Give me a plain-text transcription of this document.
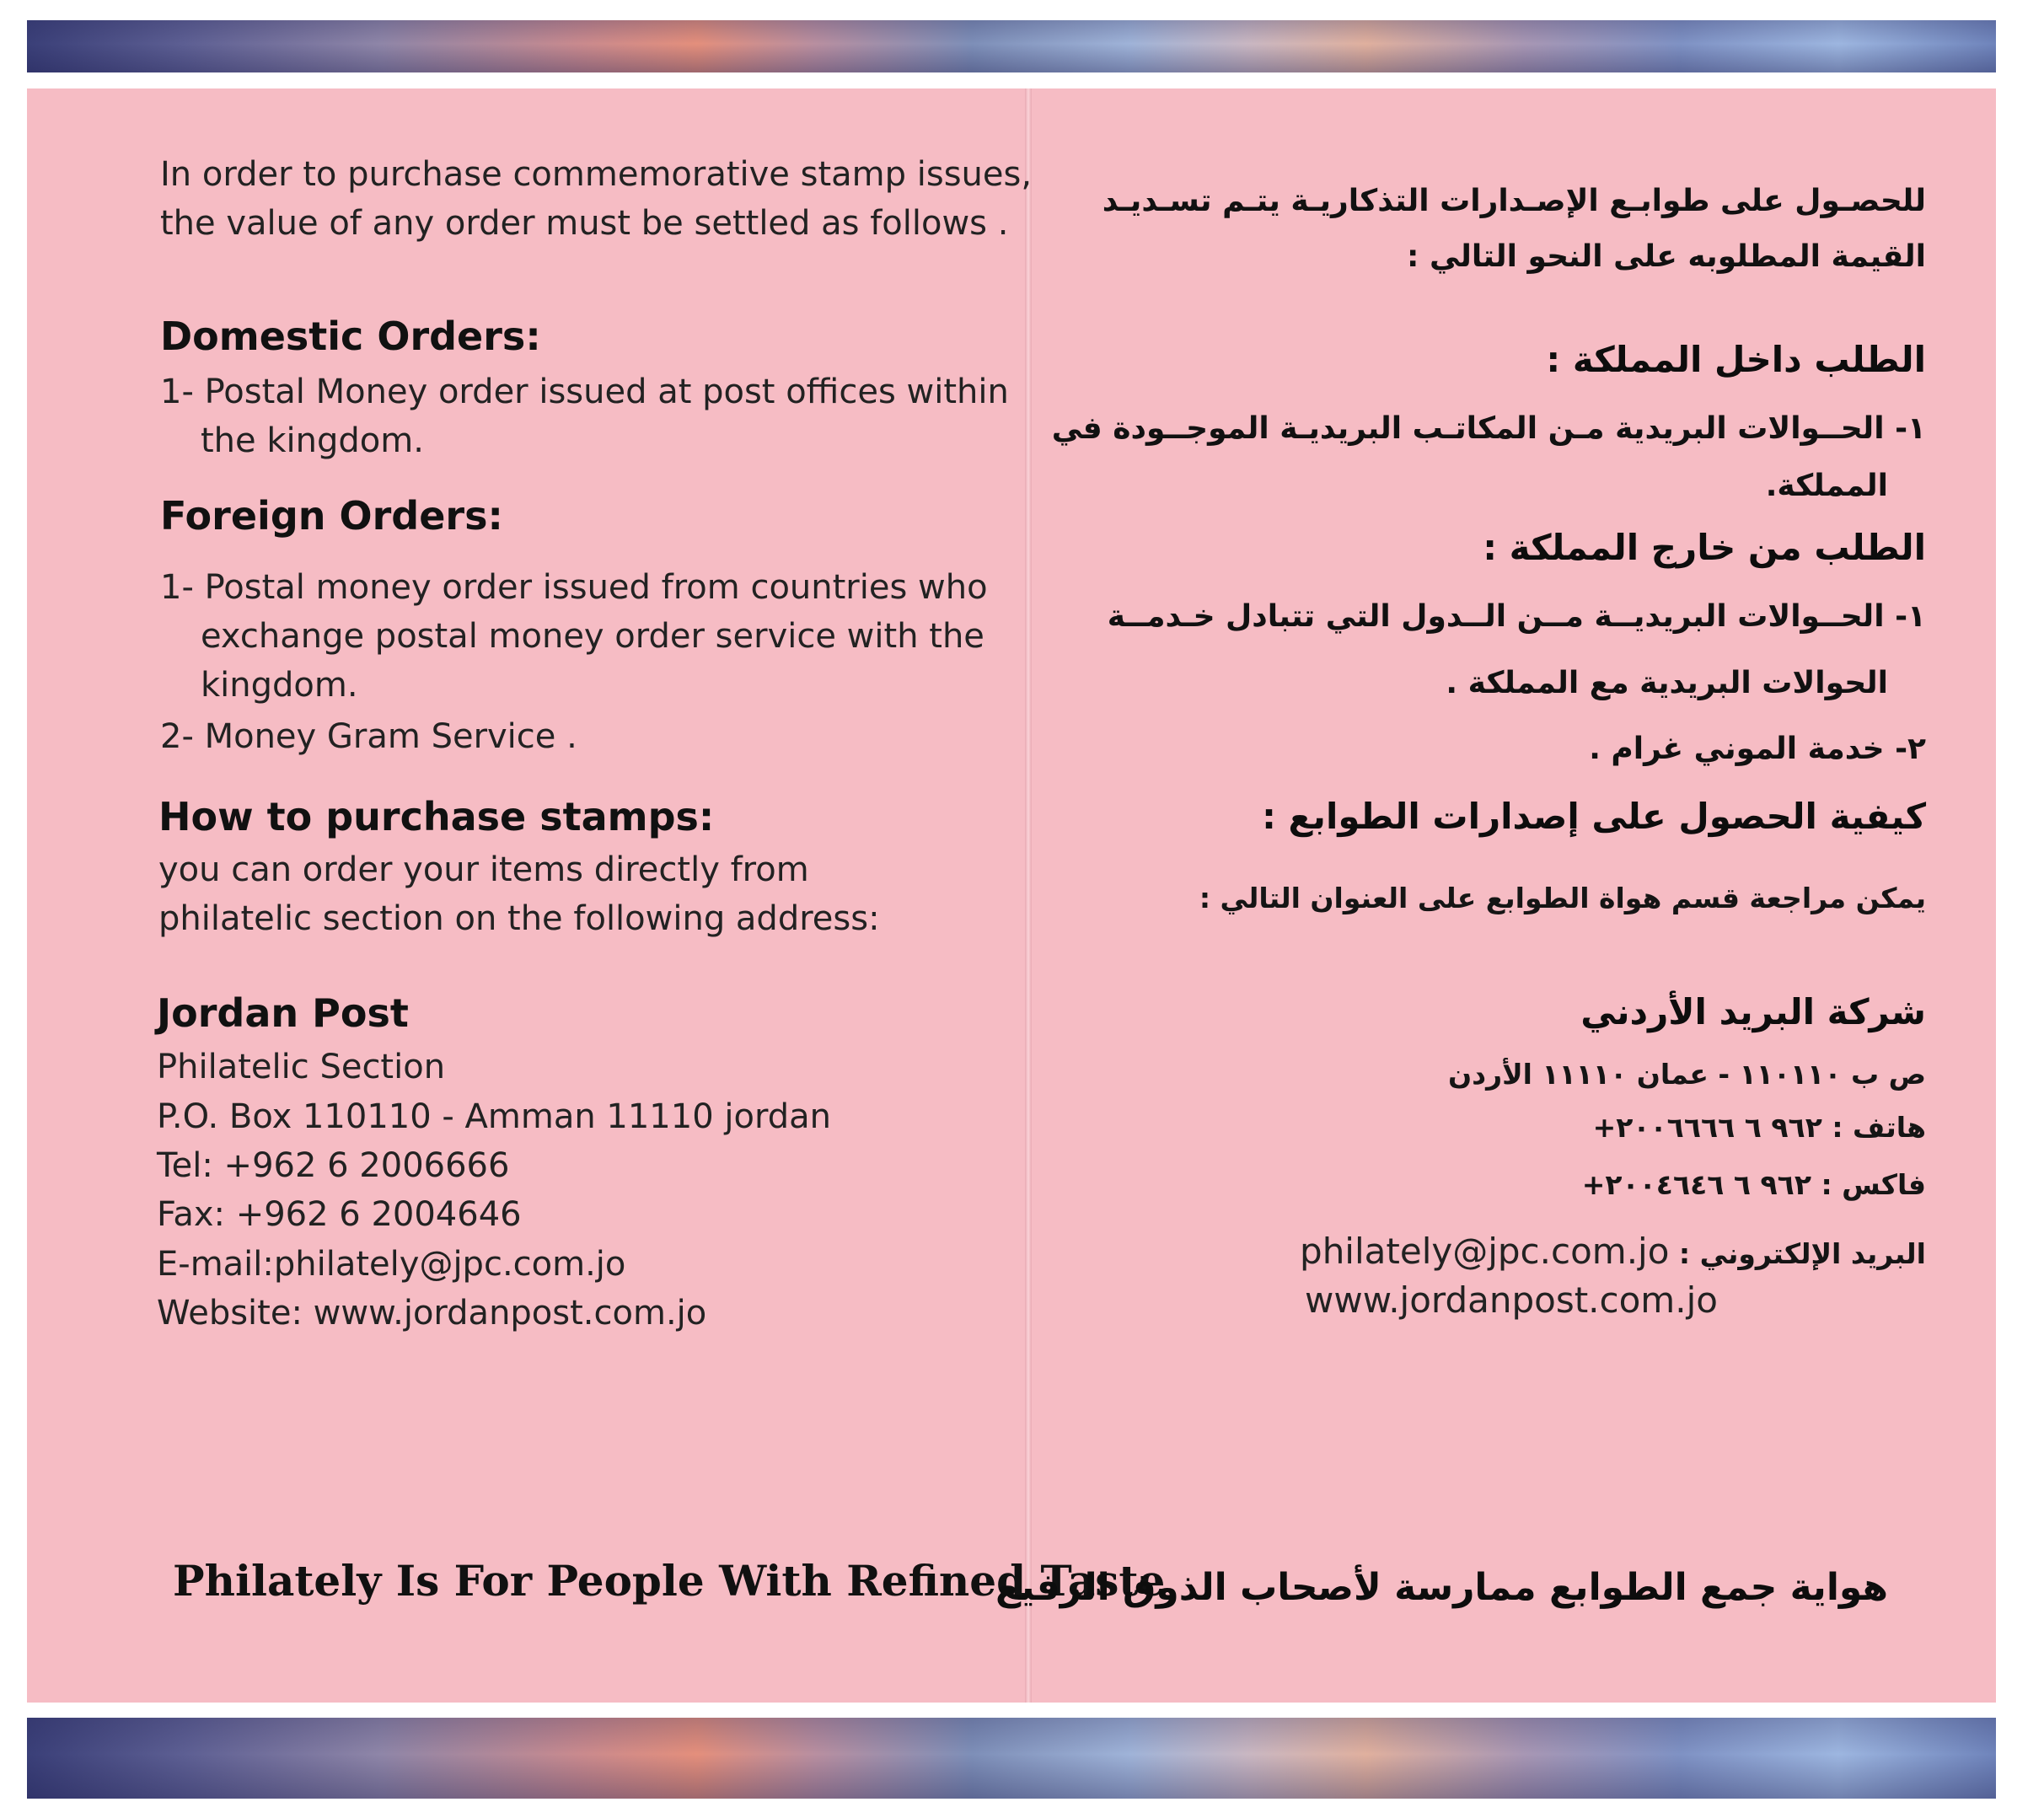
In order to purchase commemorative stamp issues,
the value of any order must be settled as follows .
Domestic Orders:
1- Postal Money order issued at post offices within
the kingdom.
Foreign Orders:
1- Postal money order issued from countries who
exchange postal money order service with the
kingdom.
2- Money Gram Service .
How to purchase stamps:
you can order your items directly from
philatelic section on the following address:
Jordan Post
Philatelic Section
P.O. Box 110110 - Amman 11110 jordan
Tel: +962 6 2006666
Fax: +962 6 2004646
E-mail:philately@jpc.com.jo
Website: www.jordanpost.com.jo
Philately Is For People With Refined Taste
للحصـول على طوابـع الإصـدارات التذكاريـة يتـم تسـديـد
القيمة المطلوبه على النحو التالي :
الطلب داخل المملكة :
١- الحــوالات البريدية مـن المكاتـب البريديـة الموجــودة في
المملكة.
الطلب من خارج المملكة :
١- الحــوالات البريديــة مــن الــدول التي تتبادل خـدمــة
الحوالات البريدية مع المملكة .
٢- خدمة الموني غرام .
كيفية الحصول على إصدارات الطوابع :
يمكن مراجعة قسم هواة الطوابع على العنوان التالي :
شركة البريد الأردني
ص ب ١١٠١١٠ - عمان ١١١١٠ الأردن
هاتف : +٩٦٢ ٦ ٢٠٠٦٦٦٦
فاكس : +٩٦٢ ٦ ٢٠٠٤٦٤٦
البريد الإلكتروني : philately@jpc.com.jo
www.jordanpost.com.jo
هواية جمع الطوابع ممارسة لأصحاب الذوق الرفيع
